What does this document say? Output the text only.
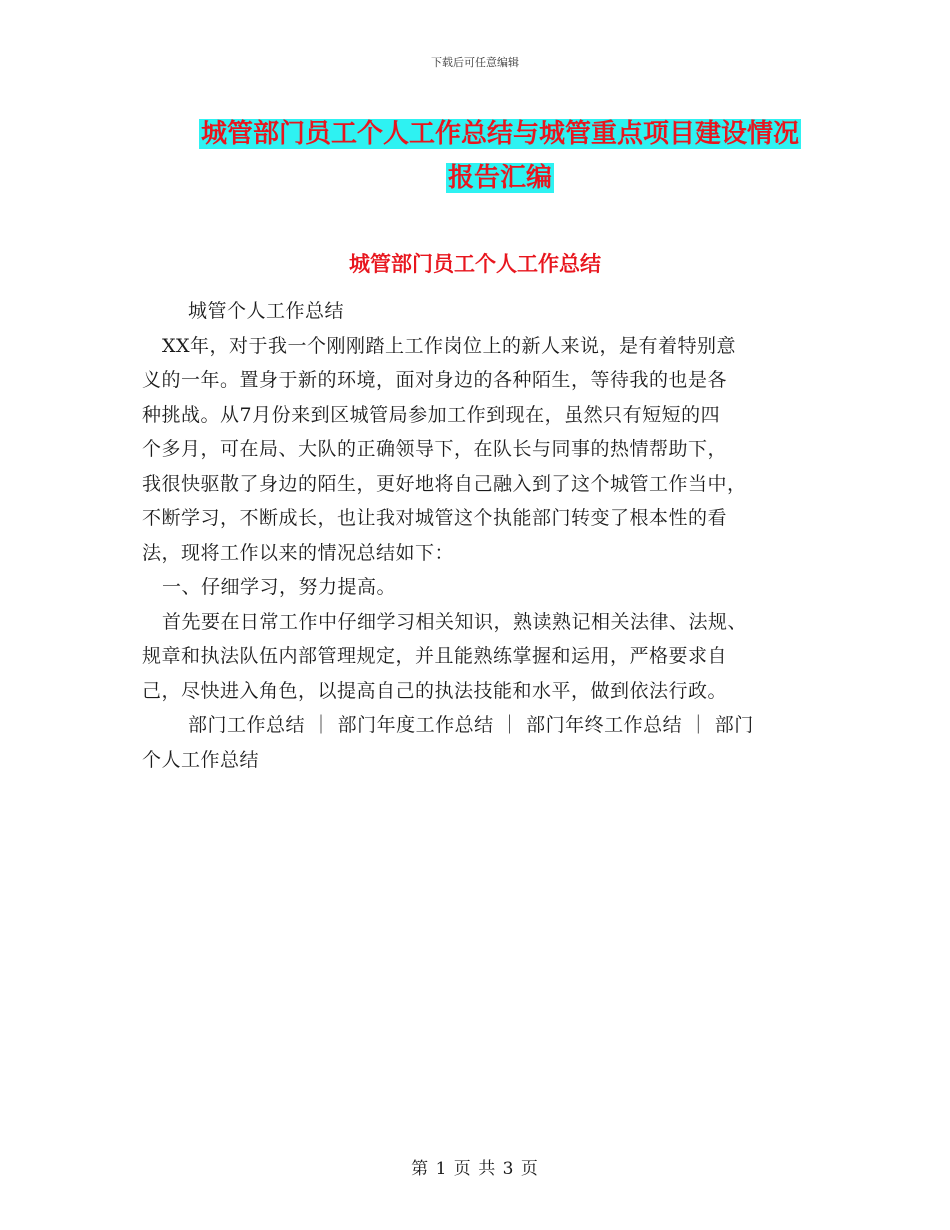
下载后可任意编辑
城管部门员工个人工作总结与城管重点项目建设情况
报告汇编
城管部门员工个人工作总结

城管个人工作总结

XX年，对于我一个刚刚踏上工作岗位上的新人来说，是有着特别意

义的一年。置身于新的环境，面对身边的各种陌生，等待我的也是各

种挑战。从7月份来到区城管局参加工作到现在，虽然只有短短的四

个多月，可在局、大队的正确领导下，在队长与同事的热情帮助下，

我很快驱散了身边的陌生，更好地将自己融入到了这个城管工作当中，

不断学习，不断成长，也让我对城管这个执能部门转变了根本性的看

法，现将工作以来的情况总结如下：

一、仔细学习，努力提高。

首先要在日常工作中仔细学习相关知识，熟读熟记相关法律、法规、

规章和执法队伍内部管理规定，并且能熟练掌握和运用，严格要求自

己，尽快进入角色，以提高自己的执法技能和水平，做到依法行政。

部门工作总结 ｜ 部门年度工作总结 ｜ 部门年终工作总结 ｜ 部门

个人工作总结

第 1 页 共 3 页
